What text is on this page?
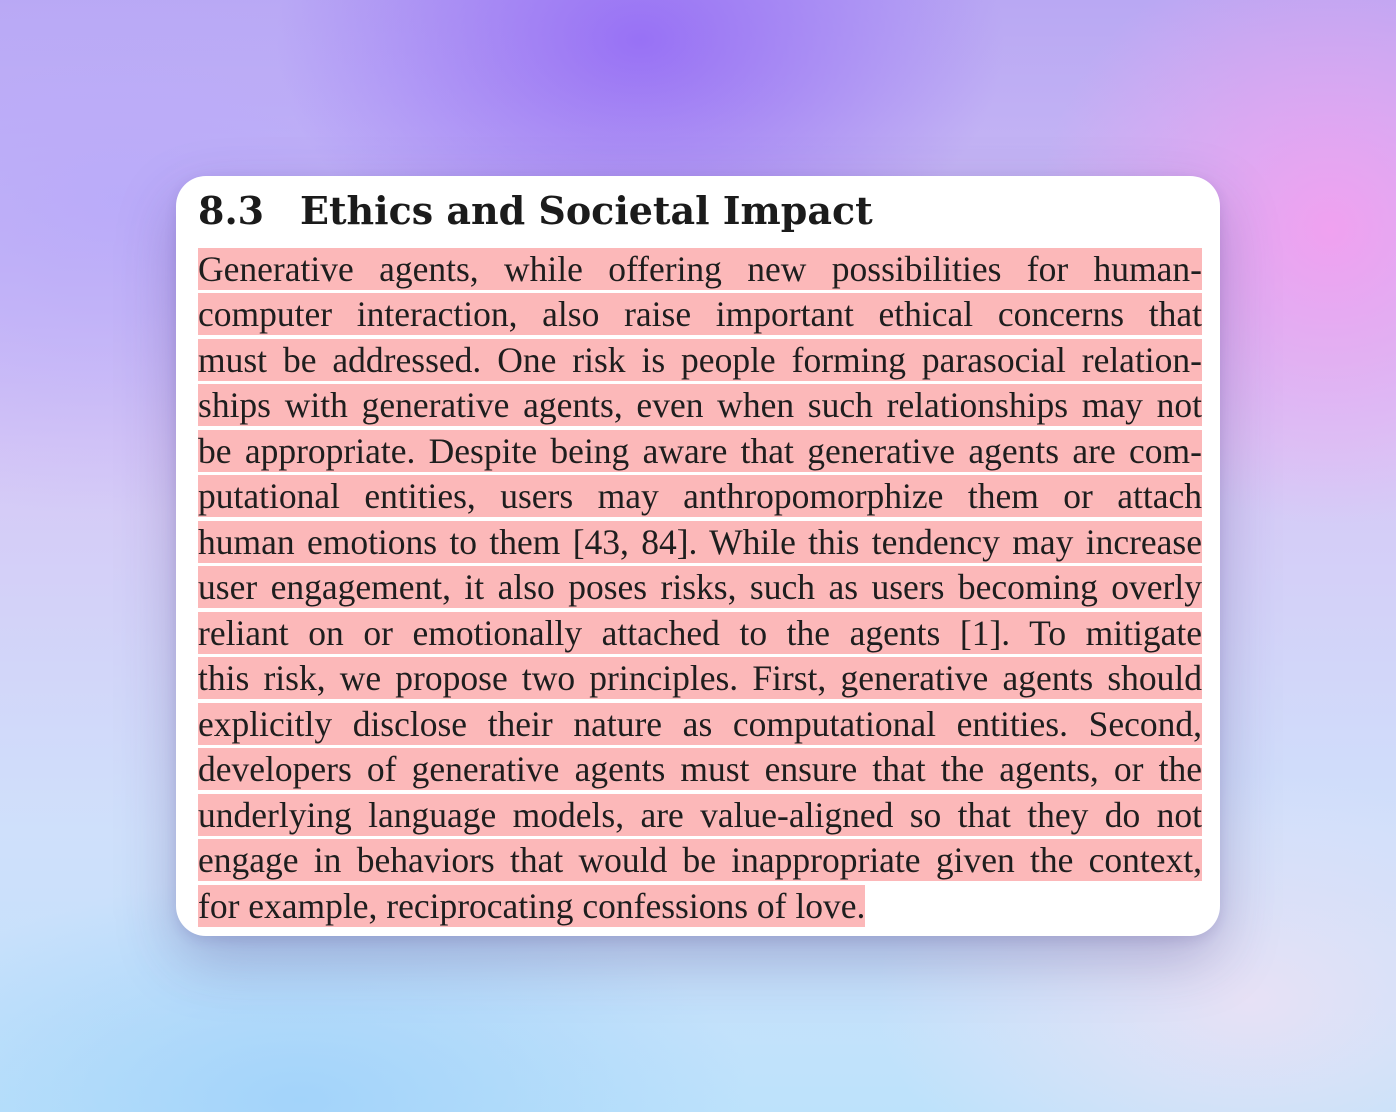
8.3 Ethics and Societal Impact
Generative agents, while offering new possibilities for human-
computer interaction, also raise important ethical concerns that
must be addressed. One risk is people forming parasocial relation-
ships with generative agents, even when such relationships may not
be appropriate. Despite being aware that generative agents are com-
putational entities, users may anthropomorphize them or attach
human emotions to them [43, 84]. While this tendency may increase
user engagement, it also poses risks, such as users becoming overly
reliant on or emotionally attached to the agents [1]. To mitigate
this risk, we propose two principles. First, generative agents should
explicitly disclose their nature as computational entities. Second,
developers of generative agents must ensure that the agents, or the
underlying language models, are value-aligned so that they do not
engage in behaviors that would be inappropriate given the context,
for example, reciprocating confessions of love.
